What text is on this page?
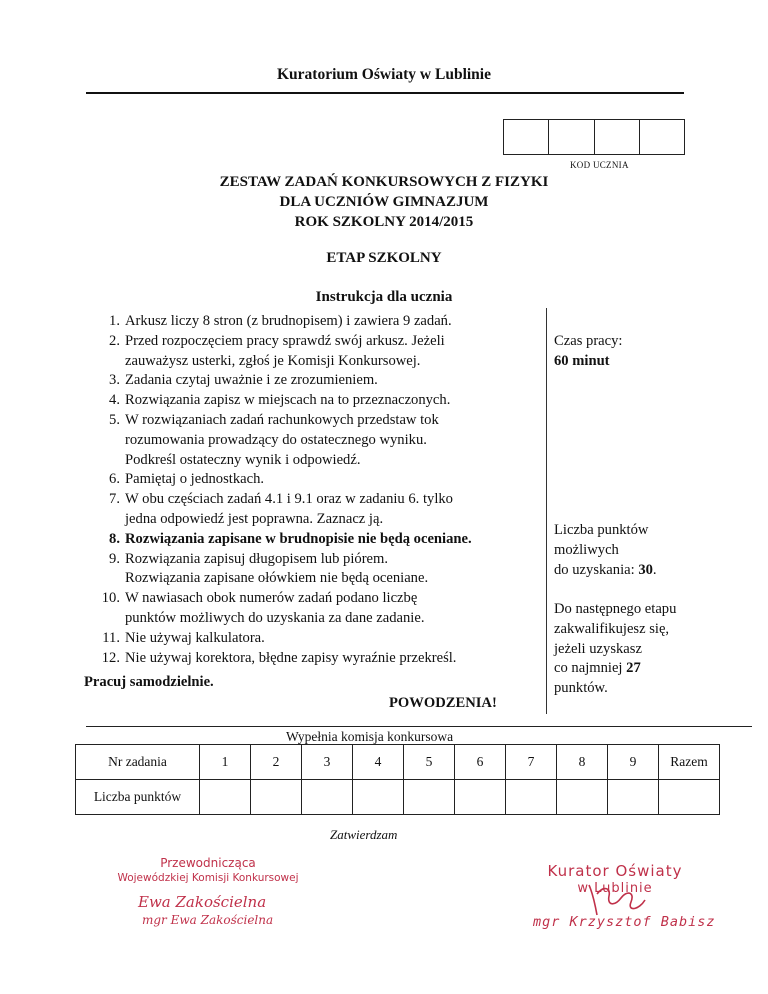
Kuratorium Oświaty w Lublinie
KOD UCZNIA
ZESTAW ZADAŃ KONKURSOWYCH Z FIZYKI
DLA UCZNIÓW GIMNAZJUM
ROK SZKOLNY 2014/2015
ETAP SZKOLNY
Instrukcja dla ucznia
1. Arkusz liczy 8 stron (z brudnopisem) i zawiera 9 zadań.
2. Przed rozpoczęciem pracy sprawdź swój arkusz. Jeżeli
zauważysz usterki, zgłoś je Komisji Konkursowej.
3. Zadania czytaj uważnie i ze zrozumieniem.
4. Rozwiązania zapisz w miejscach na to przeznaczonych.
5. W rozwiązaniach zadań rachunkowych przedstaw tok
rozumowania prowadzący do ostatecznego wyniku.
Podkreśl ostateczny wynik i odpowiedź.
6. Pamiętaj o jednostkach.
7. W obu częściach zadań 4.1 i 9.1 oraz w zadaniu 6. tylko
jedna odpowiedź jest poprawna. Zaznacz ją.
8. Rozwiązania zapisane w brudnopisie nie będą oceniane.
9. Rozwiązania zapisuj długopisem lub piórem.
Rozwiązania zapisane ołówkiem nie będą oceniane.
10. W nawiasach obok numerów zadań podano liczbę
punktów możliwych do uzyskania za dane zadanie.
11. Nie używaj kalkulatora.
12. Nie używaj korektora, błędne zapisy wyraźnie przekreśl.
Czas pracy:
60 minut
Liczba punktów
możliwych
do uzyskania: 30.
Do następnego etapu
zakwalifikujesz się,
jeżeli uzyskasz
co najmniej 27
punktów.
Pracuj samodzielnie.
POWODZENIA!
Wypełnia komisja konkursowa
Nr zadania	1	2	3	4	5	6	7	8	9	Razem
Liczba punktów										
Zatwierdzam
Przewodnicząca
Wojewódzkiej Komisji Konkursowej
Ewa Zakościelna
mgr Ewa Zakościelna
Kurator Oświaty
w Lublinie
mgr Krzysztof Babisz
